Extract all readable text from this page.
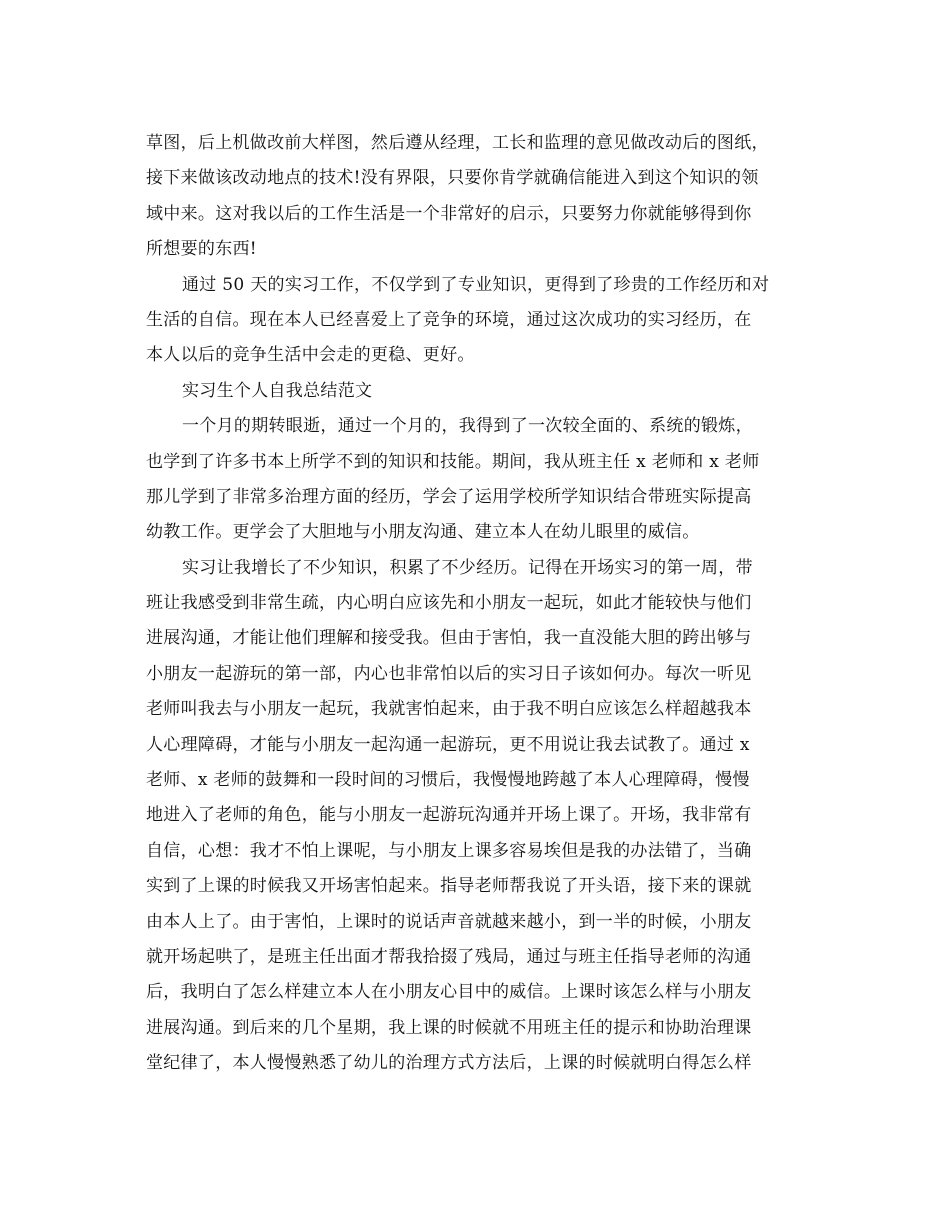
草图，后上机做改前大样图，然后遵从经理，工长和监理的意见做改动后的图纸，
接下来做该改动地点的技术!没有界限，只要你肯学就确信能进入到这个知识的领
域中来。这对我以后的工作生活是一个非常好的启示，只要努力你就能够得到你
所想要的东西!
通过 50 天的实习工作，不仅学到了专业知识，更得到了珍贵的工作经历和对
生活的自信。现在本人已经喜爱上了竞争的环境，通过这次成功的实习经历，在
本人以后的竞争生活中会走的更稳、更好。
实习生个人自我总结范文
一个月的期转眼逝，通过一个月的，我得到了一次较全面的、系统的锻炼，
也学到了许多书本上所学不到的知识和技能。期间，我从班主任 x 老师和 x 老师
那儿学到了非常多治理方面的经历，学会了运用学校所学知识结合带班实际提高
幼教工作。更学会了大胆地与小朋友沟通、建立本人在幼儿眼里的威信。
实习让我增长了不少知识，积累了不少经历。记得在开场实习的第一周，带
班让我感受到非常生疏，内心明白应该先和小朋友一起玩，如此才能较快与他们
进展沟通，才能让他们理解和接受我。但由于害怕，我一直没能大胆的跨出够与
小朋友一起游玩的第一部，内心也非常怕以后的实习日子该如何办。每次一听见
老师叫我去与小朋友一起玩，我就害怕起来，由于我不明白应该怎么样超越我本
人心理障碍，才能与小朋友一起沟通一起游玩，更不用说让我去试教了。通过 x
老师、x 老师的鼓舞和一段时间的习惯后，我慢慢地跨越了本人心理障碍，慢慢
地进入了老师的角色，能与小朋友一起游玩沟通并开场上课了。开场，我非常有
自信，心想：我才不怕上课呢，与小朋友上课多容易埃但是我的办法错了，当确
实到了上课的时候我又开场害怕起来。指导老师帮我说了开头语，接下来的课就
由本人上了。由于害怕，上课时的说话声音就越来越小，到一半的时候，小朋友
就开场起哄了，是班主任出面才帮我拾掇了残局，通过与班主任指导老师的沟通
后，我明白了怎么样建立本人在小朋友心目中的威信。上课时该怎么样与小朋友
进展沟通。到后来的几个星期，我上课的时候就不用班主任的提示和协助治理课
堂纪律了，本人慢慢熟悉了幼儿的治理方式方法后，上课的时候就明白得怎么样
